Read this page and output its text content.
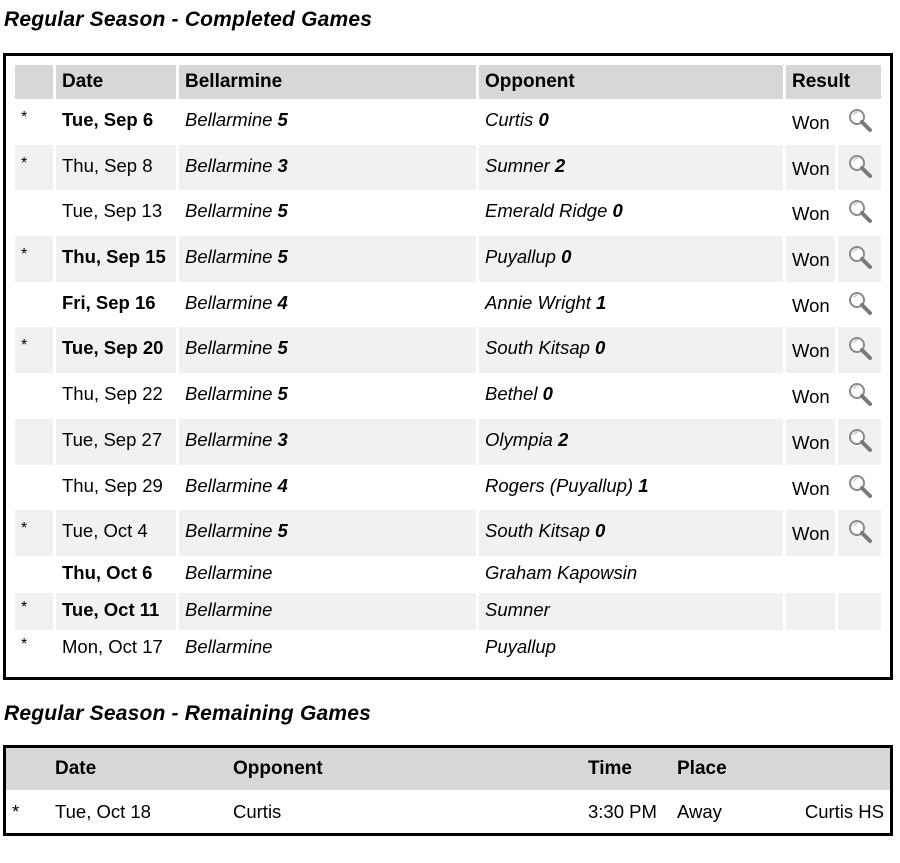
Regular Season - Completed Games
	Date	Bellarmine	Opponent	Result	
*	Tue, Sep 6	Bellarmine 5	Curtis 0	Won	
*	Thu, Sep 8	Bellarmine 3	Sumner 2	Won	
	Tue, Sep 13	Bellarmine 5	Emerald Ridge 0	Won	
*	Thu, Sep 15	Bellarmine 5	Puyallup 0	Won	
	Fri, Sep 16	Bellarmine 4	Annie Wright 1	Won	
*	Tue, Sep 20	Bellarmine 5	South Kitsap 0	Won	
	Thu, Sep 22	Bellarmine 5	Bethel 0	Won	
	Tue, Sep 27	Bellarmine 3	Olympia 2	Won	
	Thu, Sep 29	Bellarmine 4	Rogers (Puyallup) 1	Won	
*	Tue, Oct 4	Bellarmine 5	South Kitsap 0	Won	
	Thu, Oct 6	Bellarmine	Graham Kapowsin		
*	Tue, Oct 11	Bellarmine	Sumner		
*	Mon, Oct 17	Bellarmine	Puyallup		
Regular Season - Remaining Games
	Date	Opponent	Time	Place	
*	Tue, Oct 18	Curtis	3:30 PM	Away	Curtis HS
